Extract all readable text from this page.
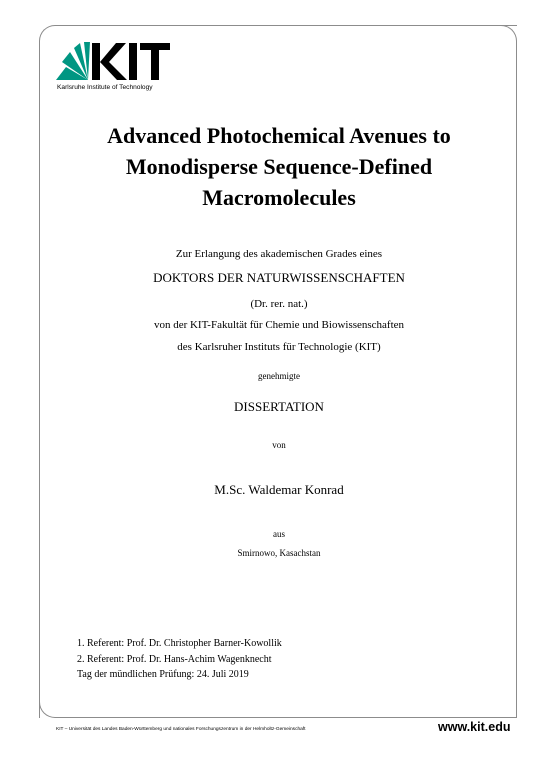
Karlsruhe Institute of Technology
Advanced Photochemical Avenues to
Monodisperse Sequence-Defined
Macromolecules
Zur Erlangung des akademischen Grades eines
DOKTORS DER NATURWISSENSCHAFTEN
(Dr. rer. nat.)
von der KIT-Fakultät für Chemie und Biowissenschaften
des Karlsruher Instituts für Technologie (KIT)
genehmigte
DISSERTATION
von
M.Sc. Waldemar Konrad
aus
Smirnowo, Kasachstan
1. Referent: Prof. Dr. Christopher Barner-Kowollik
2. Referent: Prof. Dr. Hans-Achim Wagenknecht
Tag der mündlichen Prüfung: 24. Juli 2019
KIT – Universität des Landes Baden-Württemberg und nationales Forschungszentrum in der Helmholtz-Gemeinschaft	www.kit.edu
